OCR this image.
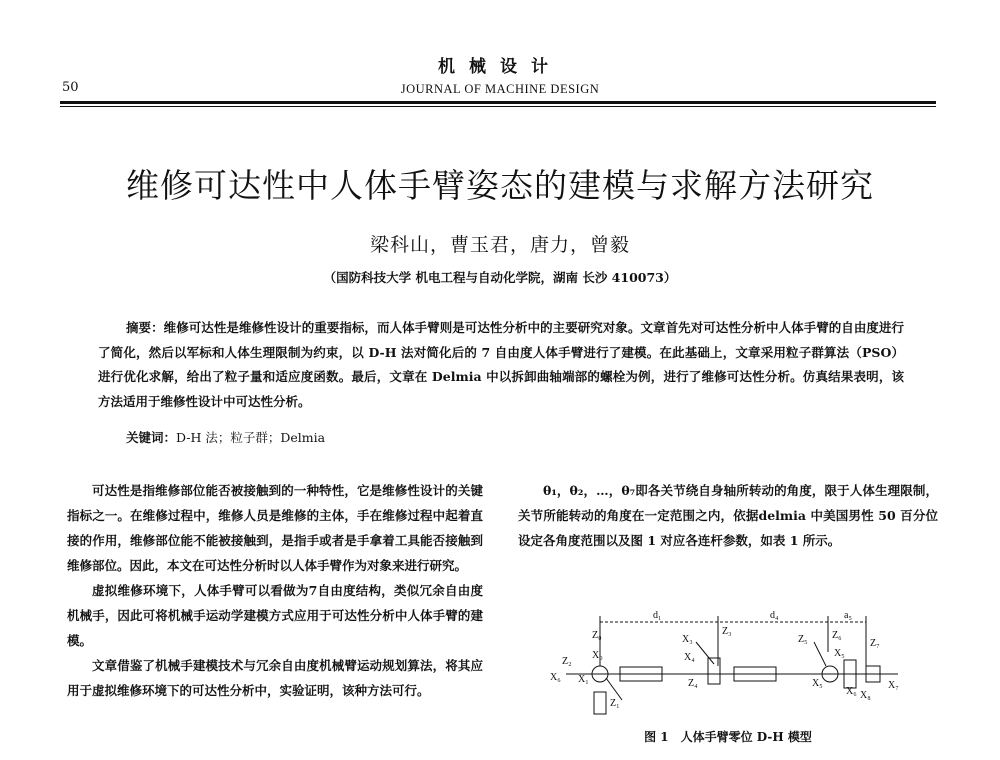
机械设计
50	JOURNAL OF MACHINE DESIGN
维修可达性中人体手臂姿态的建模与求解方法研究
梁科山，曹玉君，唐力，曾毅
（国防科技大学 机电工程与自动化学院，湖南 长沙 410073）
摘要：维修可达性是维修性设计的重要指标，而人体手臂则是可达性分析中的主要研究对象。文章首先对可达性分析中人体手臂的自由度进行了简化，然后以军标和人体生理限制为约束，以 D-H 法对简化后的 7 自由度人体手臂进行了建模。在此基础上，文章采用粒子群算法（PSO）进行优化求解，给出了粒子量和适应度函数。最后，文章在 Delmia 中以拆卸曲轴端部的螺栓为例，进行了维修可达性分析。仿真结果表明，该方法适用于维修性设计中可达性分析。
关键词：D-H 法；粒子群；Delmia

可达性是指维修部位能否被接触到的一种特性，它是维修性设计的关键指标之一。在维修过程中，维修人员是维修的主体，手在维修过程中起着直接的作用，维修部位能不能被接触到，是指手或者是手拿着工具能否接触到维修部位。因此，本文在可达性分析时以人体手臂作为对象来进行研究。

虚拟维修环境下，人体手臂可以看做为7自由度结构，类似冗余自由度机械手，因此可将机械手运动学建模方式应用于可达性分析中人体手臂的建模。

文章借鉴了机械手建模技术与冗余自由度机械臂运动规划算法，将其应用于虚拟维修环境下的可达性分析中，实验证明，该种方法可行。

θ₁，θ₂，…，θ₇即各关节绕自身轴所转动的角度，限于人体生理限制，关节所能转动的角度在一定范围之内，依据delmia 中美国男性 50 百分位设定各角度范围以及图 1 对应各连杆参数，如表 1 所示。

d₁	d₄	a₅
Z₀
X₀
X₆
Z₂
X₁
Z₁
X₃
X₄
Z₃
Z₄
Z₅
X₅
X₅
Z₆
Z₇
X₇
X₆ X₈
图 1　人体手臂零位 D-H 模型
